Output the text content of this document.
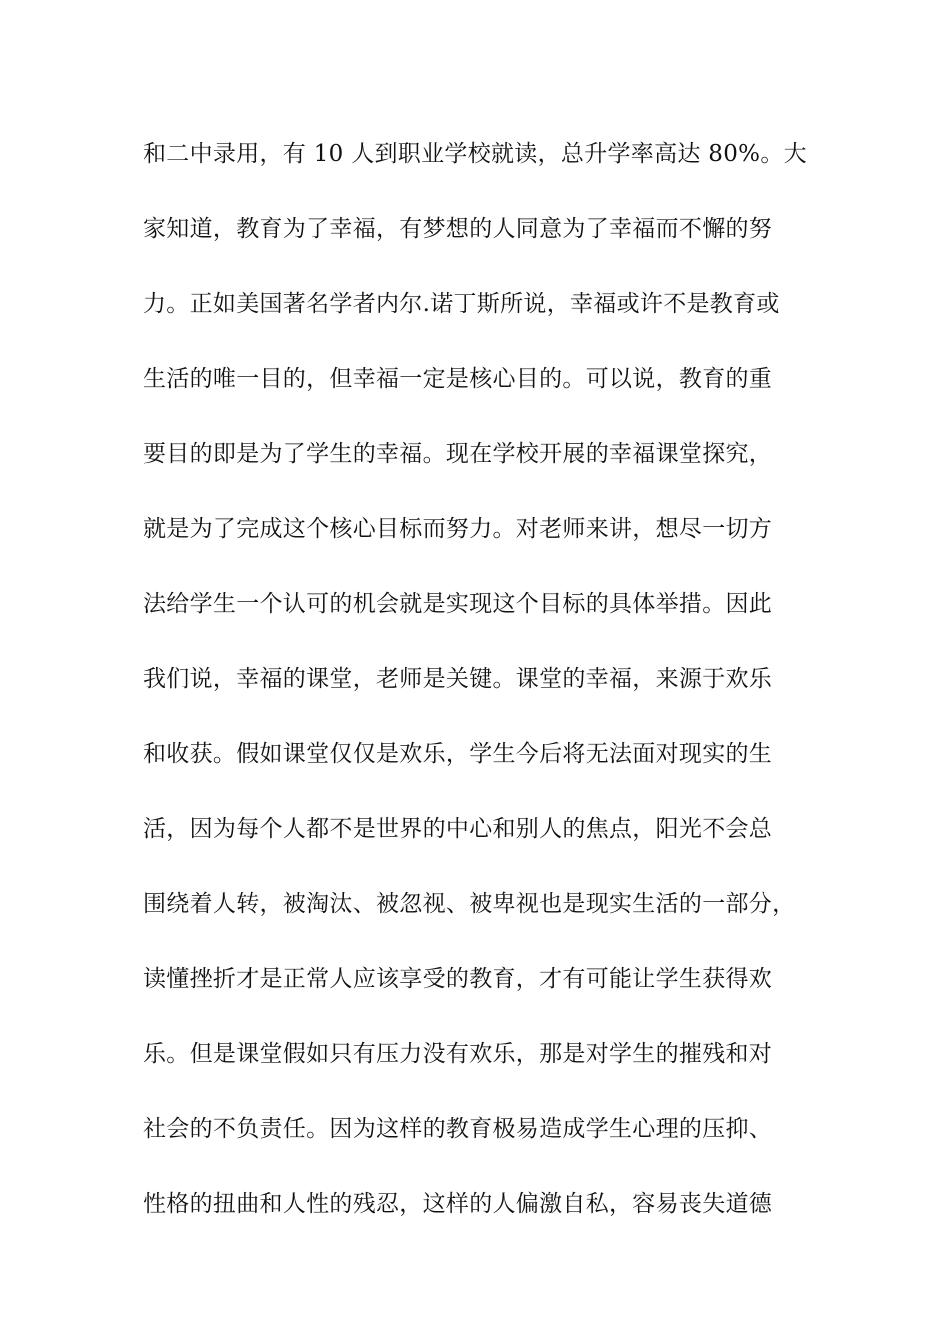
和二中录用，有 10 人到职业学校就读，总升学率高达 80%。大
家知道，教育为了幸福，有梦想的人同意为了幸福而不懈的努
力。正如美国著名学者内尔.诺丁斯所说，幸福或许不是教育或
生活的唯一目的，但幸福一定是核心目的。可以说，教育的重
要目的即是为了学生的幸福。现在学校开展的幸福课堂探究，
就是为了完成这个核心目标而努力。对老师来讲，想尽一切方
法给学生一个认可的机会就是实现这个目标的具体举措。因此
我们说，幸福的课堂，老师是关键。课堂的幸福，来源于欢乐
和收获。假如课堂仅仅是欢乐，学生今后将无法面对现实的生
活，因为每个人都不是世界的中心和别人的焦点，阳光不会总
围绕着人转，被淘汰、被忽视、被卑视也是现实生活的一部分，
读懂挫折才是正常人应该享受的教育，才有可能让学生获得欢
乐。但是课堂假如只有压力没有欢乐，那是对学生的摧残和对
社会的不负责任。因为这样的教育极易造成学生心理的压抑、
性格的扭曲和人性的残忍，这样的人偏激自私，容易丧失道德
